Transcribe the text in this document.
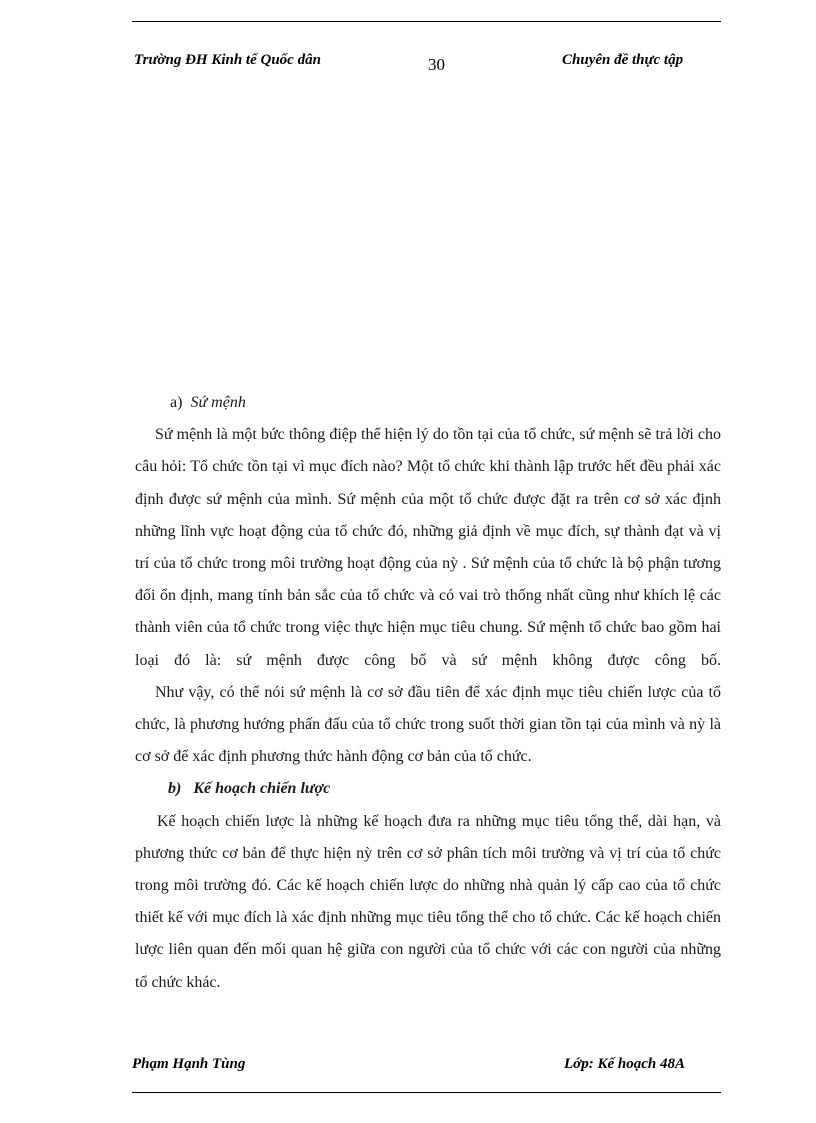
Trường ĐH Kinh tế Quốc dân	30	Chuyên đề thực tập

a) Sứ mệnh

Sứ mệnh là một bức thông điệp thể hiện lý do tồn tại của tổ chức, sứ mệnh sẽ trả lời cho câu hỏi: Tổ chức tồn tại vì mục đích nào? Một tổ chức khi thành lập trước hết đều phải xác định được sứ mệnh của mình. Sứ mệnh của một tổ chức được đặt ra trên cơ sở xác định những lĩnh vực hoạt động của tổ chức đó, những giả định về mục đích, sự thành đạt và vị trí của tổ chức trong môi trường hoạt động của nỳ . Sứ mệnh của tổ chức là bộ phận tương đối ổn định, mang tính bản sắc của tổ chức và có vai trò thống nhất cũng như khích lệ các thành viên của tổ chức trong việc thực hiện mục tiêu chung. Sứ mệnh tổ chức bao gồm hai loại đó là: sứ mệnh được công bố và sứ mệnh không được công bố.

Như vậy, có thể nói sứ mệnh là cơ sở đầu tiên để xác định mục tiêu chiến lược của tổ chức, là phương hướng phấn đấu của tổ chức trong suốt thời gian tồn tại của mình và nỳ là cơ sở để xác định phương thức hành động cơ bản của tổ chức.

b) Kế hoạch chiến lược

Kế hoạch chiến lược là những kế hoạch đưa ra những mục tiêu tổng thể, dài hạn, và phương thức cơ bản để thực hiện nỳ trên cơ sở phân tích môi trường và vị trí của tổ chức trong môi trường đó. Các kế hoạch chiến lược do những nhà quản lý cấp cao của tổ chức thiết kế với mục đích là xác định những mục tiêu tổng thể cho tổ chức. Các kế hoạch chiến lược liên quan đến mối quan hệ giữa con người của tổ chức với các con người của những tổ chức khác.

Phạm Hạnh Tùng	Lớp: Kế hoạch 48A
